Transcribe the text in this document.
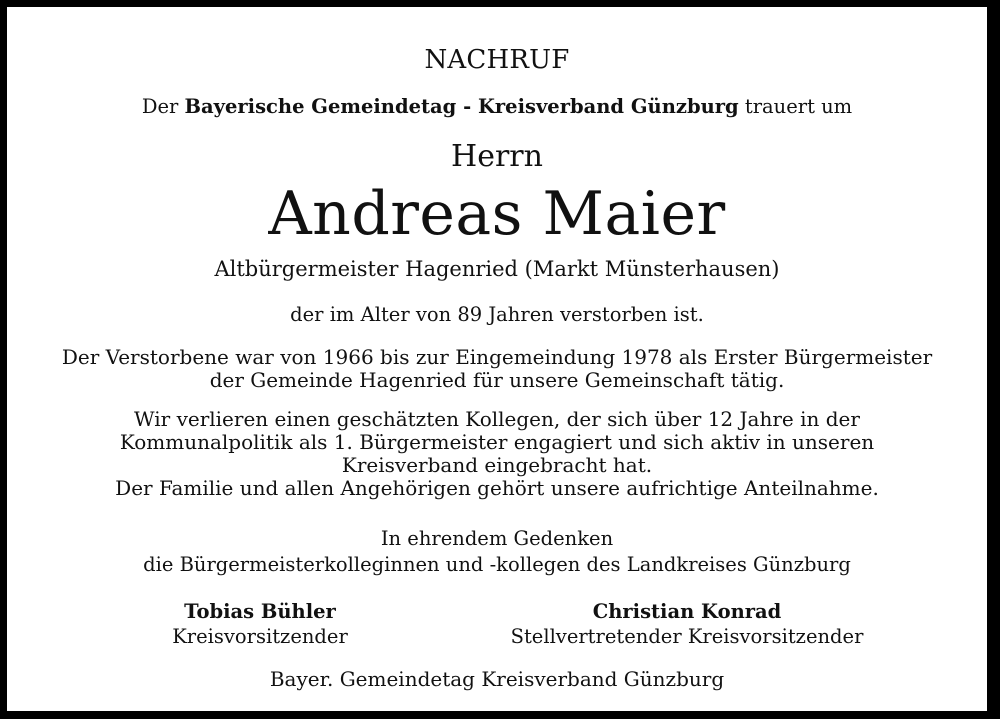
NACHRUF
Der Bayerische Gemeindetag - Kreisverband Günzburg trauert um
Herrn
Andreas Maier
Altbürgermeister Hagenried (Markt Münsterhausen)
der im Alter von 89 Jahren verstorben ist.
Der Verstorbene war von 1966 bis zur Eingemeindung 1978 als Erster Bürgermeister
der Gemeinde Hagenried für unsere Gemeinschaft tätig.
Wir verlieren einen geschätzten Kollegen, der sich über 12 Jahre in der
Kommunalpolitik als 1. Bürgermeister engagiert und sich aktiv in unseren
Kreisverband eingebracht hat.
Der Familie und allen Angehörigen gehört unsere aufrichtige Anteilnahme.
In ehrendem Gedenken
die Bürgermeisterkolleginnen und -kollegen des Landkreises Günzburg
Tobias Bühler
Kreisvorsitzender
Christian Konrad
Stellvertretender Kreisvorsitzender
Bayer. Gemeindetag Kreisverband Günzburg
